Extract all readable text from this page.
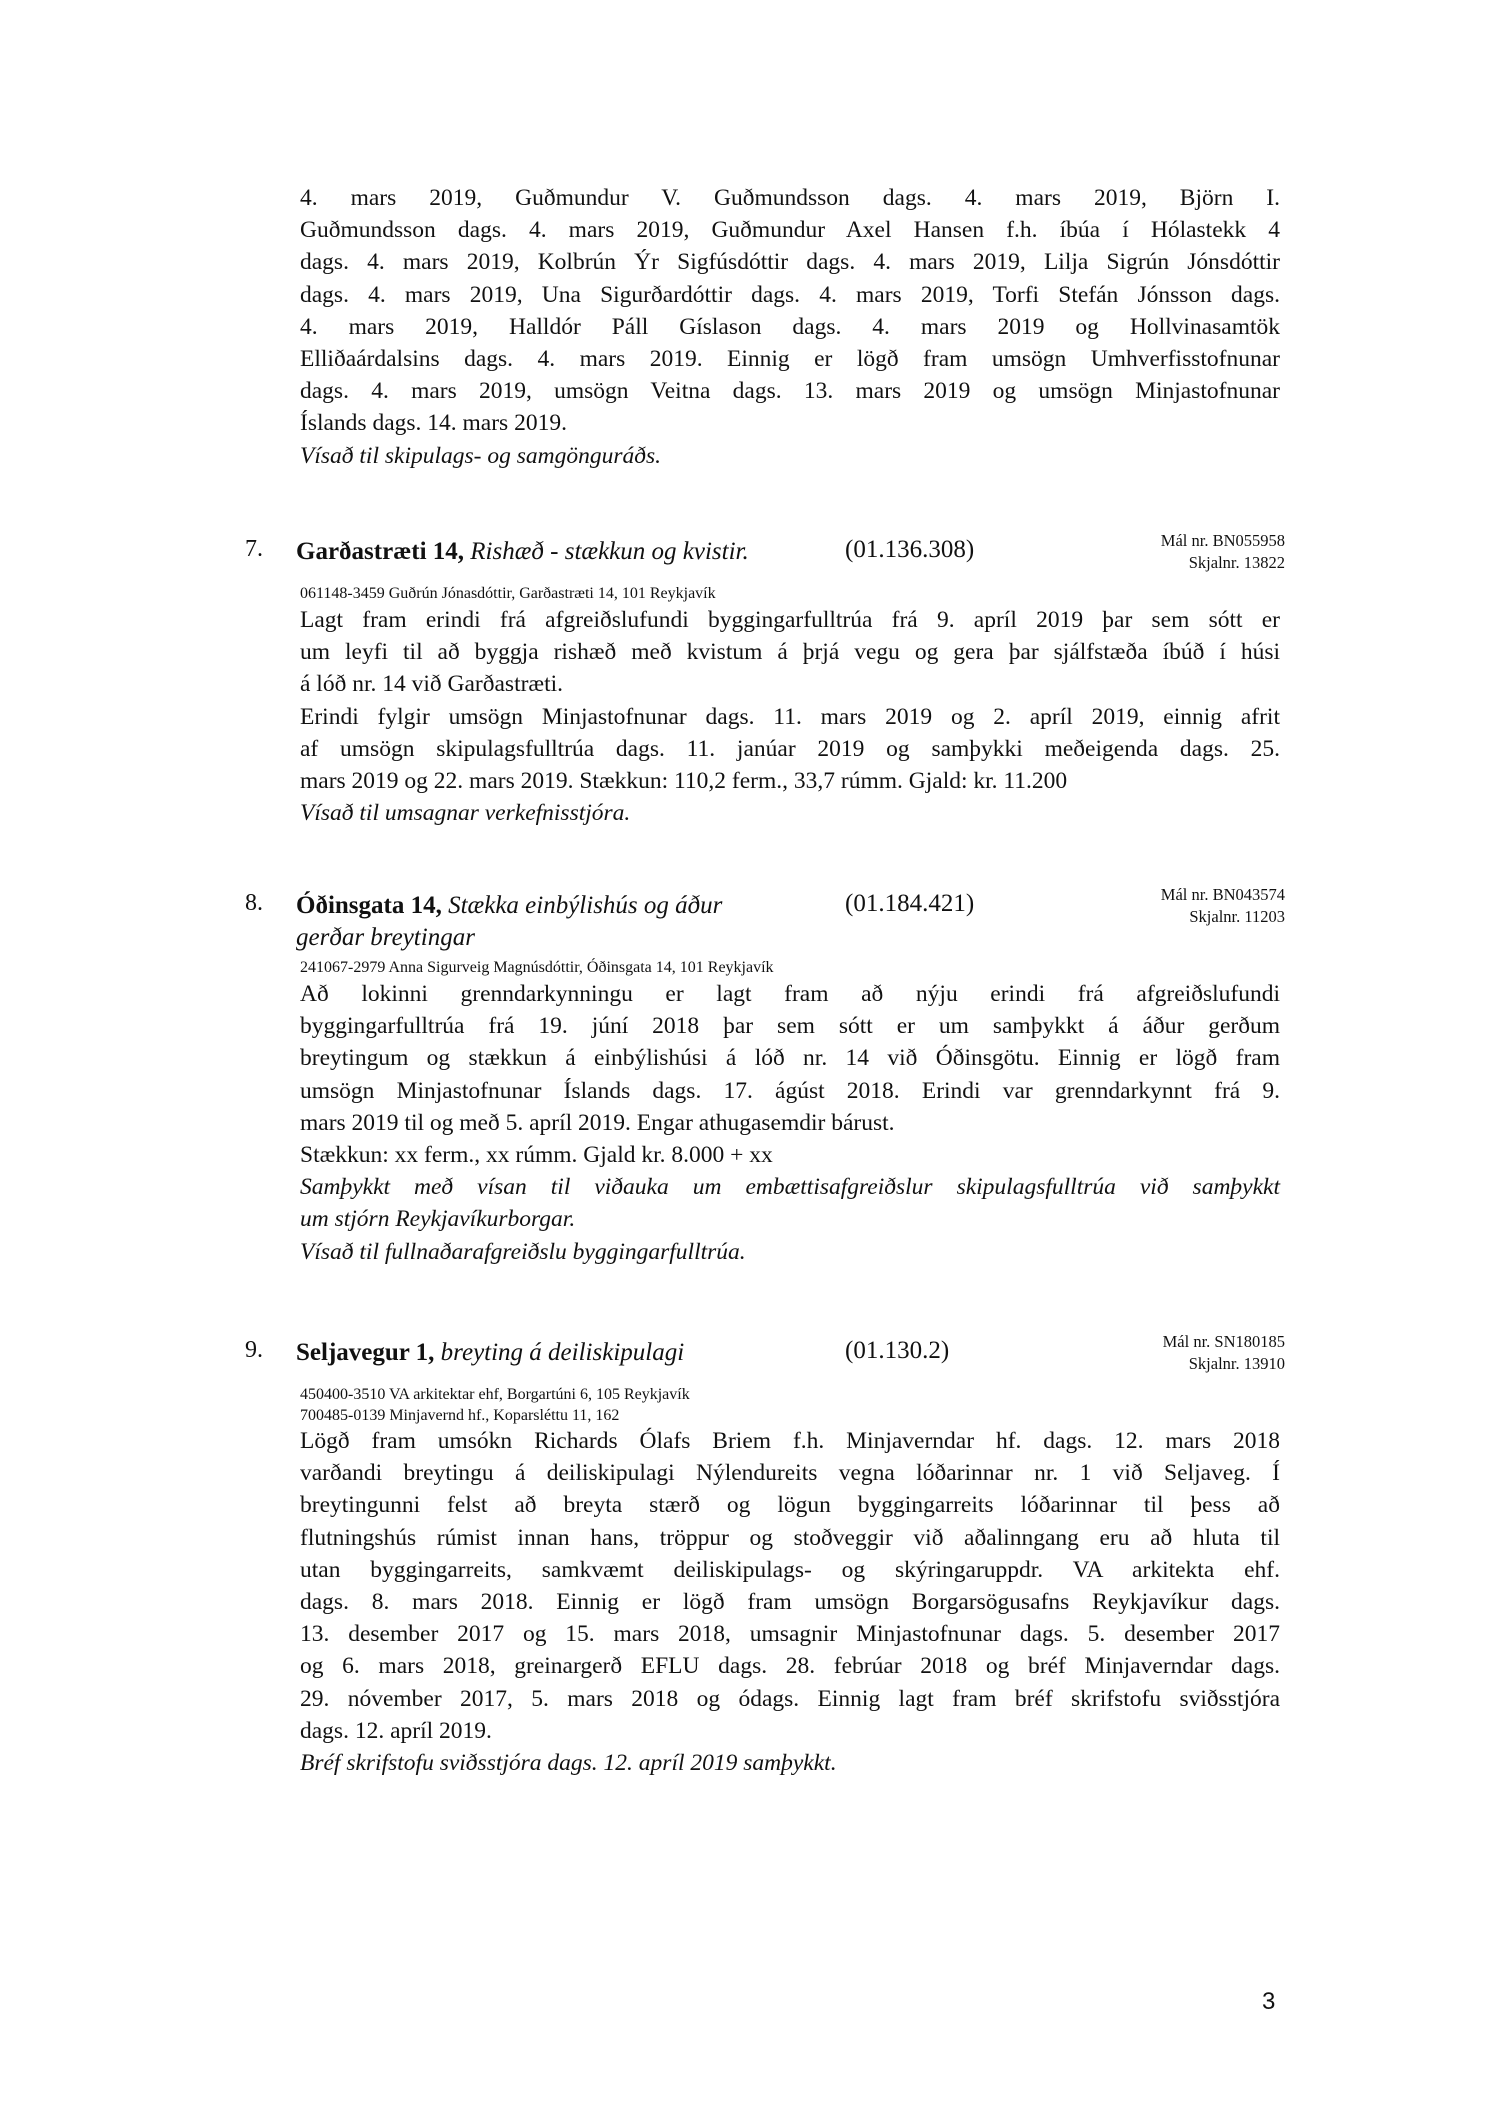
4. mars 2019, Guðmundur V. Guðmundsson dags. 4. mars 2019, Björn I.
Guðmundsson dags. 4. mars 2019, Guðmundur Axel Hansen f.h. íbúa í Hólastekk 4
dags. 4. mars 2019, Kolbrún Ýr Sigfúsdóttir dags. 4. mars 2019, Lilja Sigrún Jónsdóttir
dags. 4. mars 2019, Una Sigurðardóttir dags. 4. mars 2019, Torfi Stefán Jónsson dags.
4. mars 2019, Halldór Páll Gíslason dags. 4. mars 2019 og Hollvinasamtök
Elliðaárdalsins dags. 4. mars 2019. Einnig er lögð fram umsögn Umhverfisstofnunar
dags. 4. mars 2019, umsögn Veitna dags. 13. mars 2019 og umsögn Minjastofnunar
Íslands dags. 14. mars 2019.
Vísað til skipulags- og samgönguráðs.
7. Garðastræti 14, Rishæð - stækkun og kvistir.	(01.136.308)	Mál nr. BN055958
Skjalnr. 13822
061148-3459 Guðrún Jónasdóttir, Garðastræti 14, 101 Reykjavík
Lagt fram erindi frá afgreiðslufundi byggingarfulltrúa frá 9. apríl 2019 þar sem sótt er
um leyfi til að byggja rishæð með kvistum á þrjá vegu og gera þar sjálfstæða íbúð í húsi
á lóð nr. 14 við Garðastræti.
Erindi fylgir umsögn Minjastofnunar dags. 11. mars 2019 og 2. apríl 2019, einnig afrit
af umsögn skipulagsfulltrúa dags. 11. janúar 2019 og samþykki meðeigenda dags. 25.
mars 2019 og 22. mars 2019. Stækkun: 110,2 ferm., 33,7 rúmm. Gjald: kr. 11.200
Vísað til umsagnar verkefnisstjóra.
8. Óðinsgata 14, Stækka einbýlishús og áður gerðar breytingar
(01.184.421)	Mál nr. BN043574
Skjalnr. 11203
241067-2979 Anna Sigurveig Magnúsdóttir, Óðinsgata 14, 101 Reykjavík
Að lokinni grenndarkynningu er lagt fram að nýju erindi frá afgreiðslufundi
byggingarfulltrúa frá 19. júní 2018 þar sem sótt er um samþykkt á áður gerðum
breytingum og stækkun á einbýlishúsi á lóð nr. 14 við Óðinsgötu. Einnig er lögð fram
umsögn Minjastofnunar Íslands dags. 17. ágúst 2018. Erindi var grenndarkynnt frá 9.
mars 2019 til og með 5. apríl 2019. Engar athugasemdir bárust.
Stækkun: xx ferm., xx rúmm. Gjald kr. 8.000 + xx
Samþykkt með vísan til viðauka um embættisafgreiðslur skipulagsfulltrúa við samþykkt
um stjórn Reykjavíkurborgar.
Vísað til fullnaðarafgreiðslu byggingarfulltrúa.
9. Seljavegur 1, breyting á deiliskipulagi	(01.130.2)	Mál nr. SN180185
Skjalnr. 13910
450400-3510 VA arkitektar ehf, Borgartúni 6, 105 Reykjavík
700485-0139 Minjavernd hf., Koparsléttu 11, 162
Lögð fram umsókn Richards Ólafs Briem f.h. Minjaverndar hf. dags. 12. mars 2018
varðandi breytingu á deiliskipulagi Nýlendureits vegna lóðarinnar nr. 1 við Seljaveg. Í
breytingunni felst að breyta stærð og lögun byggingarreits lóðarinnar til þess að
flutningshús rúmist innan hans, tröppur og stoðveggir við aðalinngang eru að hluta til
utan byggingarreits, samkvæmt deiliskipulags- og skýringaruppdr. VA arkitekta ehf.
dags. 8. mars 2018. Einnig er lögð fram umsögn Borgarsögusafns Reykjavíkur dags.
13. desember 2017 og 15. mars 2018, umsagnir Minjastofnunar dags. 5. desember 2017
og 6. mars 2018, greinargerð EFLU dags. 28. febrúar 2018 og bréf Minjaverndar dags.
29. nóvember 2017, 5. mars 2018 og ódags. Einnig lagt fram bréf skrifstofu sviðsstjóra
dags. 12. apríl 2019.
Bréf skrifstofu sviðsstjóra dags. 12. apríl 2019 samþykkt.
3
